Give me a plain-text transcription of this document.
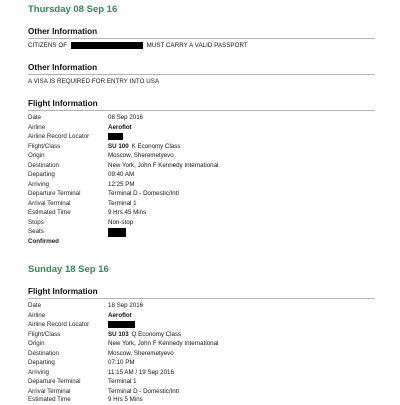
Thursday 08 Sep 16
Other Information
CITIZENS OF	MUST CARRY A VALID PASSPORT
Other Information
A VISA IS REQUIRED FOR ENTRY INTO USA
Flight Information
Date	08 Sep 2016
Airline	Aeroflot
Airline Record Locator
Flight/Class	SU 100 K Economy Class
Origin	Moscow, Sheremetyevo
Destination	New York, John F Kennedy International
Departing	09:40 AM
Arriving	12:25 PM
Departure Terminal	Terminal D - Domestic/Intl
Arrival Terminal	Terminal 1
Estimated Time	9 Hrs 45 Mins
Stops	Non-stop
Seats
Confirmed
Sunday 18 Sep 16
Flight Information
Date	18 Sep 2016
Airline	Aeroflot
Airline Record Locator
Flight/Class	SU 103 Q Economy Class
Origin	New York, John F Kennedy International
Destination	Moscow, Sheremetyevo
Departing	07:10 PM
Arriving	11:15 AM / 19 Sep 2016
Departure Terminal	Terminal 1
Arrival Terminal	Terminal D - Domestic/Intl
Estimated Time	9 Hrs 5 Mins
